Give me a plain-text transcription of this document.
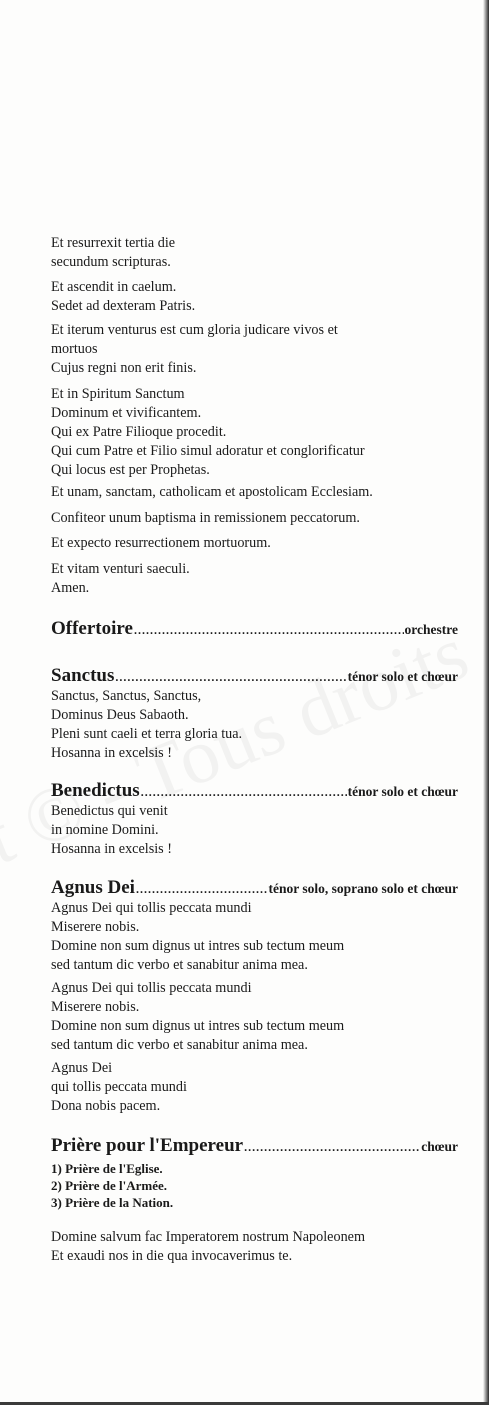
Et resurrexit tertia die
secundum scripturas.
Et ascendit in caelum.
Sedet ad dexteram Patris.
Et iterum venturus est cum gloria judicare vivos et
mortuos
Cujus regni non erit finis.
Et in Spiritum Sanctum
Dominum et vivificantem.
Qui ex Patre Filioque procedit.
Qui cum Patre et Filio simul adoratur et conglorificatur
Qui locus est per Prophetas.
Et unam, sanctam, catholicam et apostolicam Ecclesiam.
Confiteor unum baptisma in remissionem peccatorum.
Et expecto resurrectionem mortuorum.
Et vitam venturi saeculi.
Amen.
Offertoire .....	orchestre
Sanctus .....	ténor solo et chœur
Sanctus, Sanctus, Sanctus,
Dominus Deus Sabaoth.
Pleni sunt caeli et terra gloria tua.
Hosanna in excelsis !
Benedictus .....	ténor solo et chœur
Benedictus qui venit
in nomine Domini.
Hosanna in excelsis !
Agnus Dei .....	ténor solo, soprano solo et chœur
Agnus Dei qui tollis peccata mundi
Miserere nobis.
Domine non sum dignus ut intres sub tectum meum
sed tantum dic verbo et sanabitur anima mea.
Agnus Dei qui tollis peccata mundi
Miserere nobis.
Domine non sum dignus ut intres sub tectum meum
sed tantum dic verbo et sanabitur anima mea.
Agnus Dei
qui tollis peccata mundi
Dona nobis pacem.
Prière pour l'Empereur .....	chœur
1) Prière de l'Eglise.
2) Prière de l'Armée.
3) Prière de la Nation.
Domine salvum fac Imperatorem nostrum Napoleonem
Et exaudi nos in die qua invocaverimus te.
